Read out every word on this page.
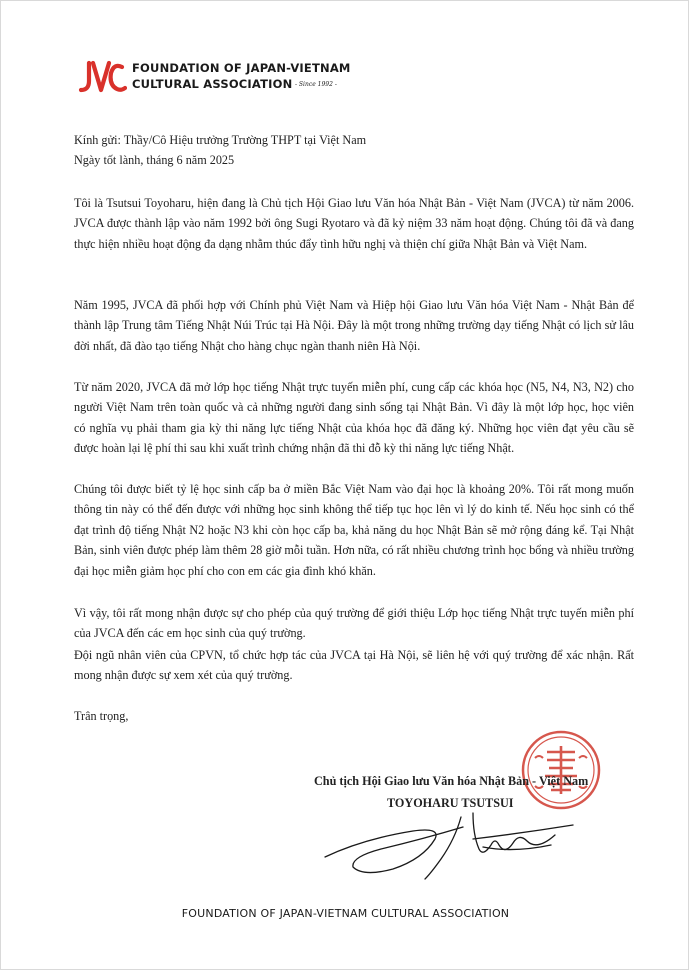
FOUNDATION OF JAPAN-VIETNAM
CULTURAL ASSOCIATION - Since 1992 -

Kính gửi: Thầy/Cô Hiệu trưởng Trường THPT tại Việt Nam

Ngày tốt lành, tháng 6 năm 2025

Tôi là Tsutsui Toyoharu, hiện đang là Chủ tịch Hội Giao lưu Văn hóa Nhật Bản - Việt Nam (JVCA) từ năm 2006. JVCA được thành lập vào năm 1992 bởi ông Sugi Ryotaro và đã kỷ niệm 33 năm hoạt động. Chúng tôi đã và đang thực hiện nhiều hoạt động đa dạng nhằm thúc đẩy tình hữu nghị và thiện chí giữa Nhật Bản và Việt Nam.

Năm 1995, JVCA đã phối hợp với Chính phủ Việt Nam và Hiệp hội Giao lưu Văn hóa Việt Nam - Nhật Bản để thành lập Trung tâm Tiếng Nhật Núi Trúc tại Hà Nội. Đây là một trong những trường dạy tiếng Nhật có lịch sử lâu đời nhất, đã đào tạo tiếng Nhật cho hàng chục ngàn thanh niên Hà Nội.

Từ năm 2020, JVCA đã mở lớp học tiếng Nhật trực tuyến miễn phí, cung cấp các khóa học (N5, N4, N3, N2) cho người Việt Nam trên toàn quốc và cả những người đang sinh sống tại Nhật Bản. Vì đây là một lớp học, học viên có nghĩa vụ phải tham gia kỳ thi năng lực tiếng Nhật của khóa học đã đăng ký. Những học viên đạt yêu cầu sẽ được hoàn lại lệ phí thi sau khi xuất trình chứng nhận đã thi đỗ kỳ thi năng lực tiếng Nhật.

Chúng tôi được biết tỷ lệ học sinh cấp ba ở miền Bắc Việt Nam vào đại học là khoảng 20%. Tôi rất mong muốn thông tin này có thể đến được với những học sinh không thể tiếp tục học lên vì lý do kinh tế. Nếu học sinh có thể đạt trình độ tiếng Nhật N2 hoặc N3 khi còn học cấp ba, khả năng du học Nhật Bản sẽ mở rộng đáng kể. Tại Nhật Bản, sinh viên được phép làm thêm 28 giờ mỗi tuần. Hơn nữa, có rất nhiều chương trình học bổng và nhiều trường đại học miễn giảm học phí cho con em các gia đình khó khăn.

Vì vậy, tôi rất mong nhận được sự cho phép của quý trường để giới thiệu Lớp học tiếng Nhật trực tuyến miễn phí của JVCA đến các em học sinh của quý trường.

Đội ngũ nhân viên của CPVN, tổ chức hợp tác của JVCA tại Hà Nội, sẽ liên hệ với quý trường để xác nhận. Rất mong nhận được sự xem xét của quý trường.

Trân trọng,

Chủ tịch Hội Giao lưu Văn hóa Nhật Bản - Việt Nam
TOYOHARU TSUTSUI
FOUNDATION OF JAPAN-VIETNAM CULTURAL ASSOCIATION
